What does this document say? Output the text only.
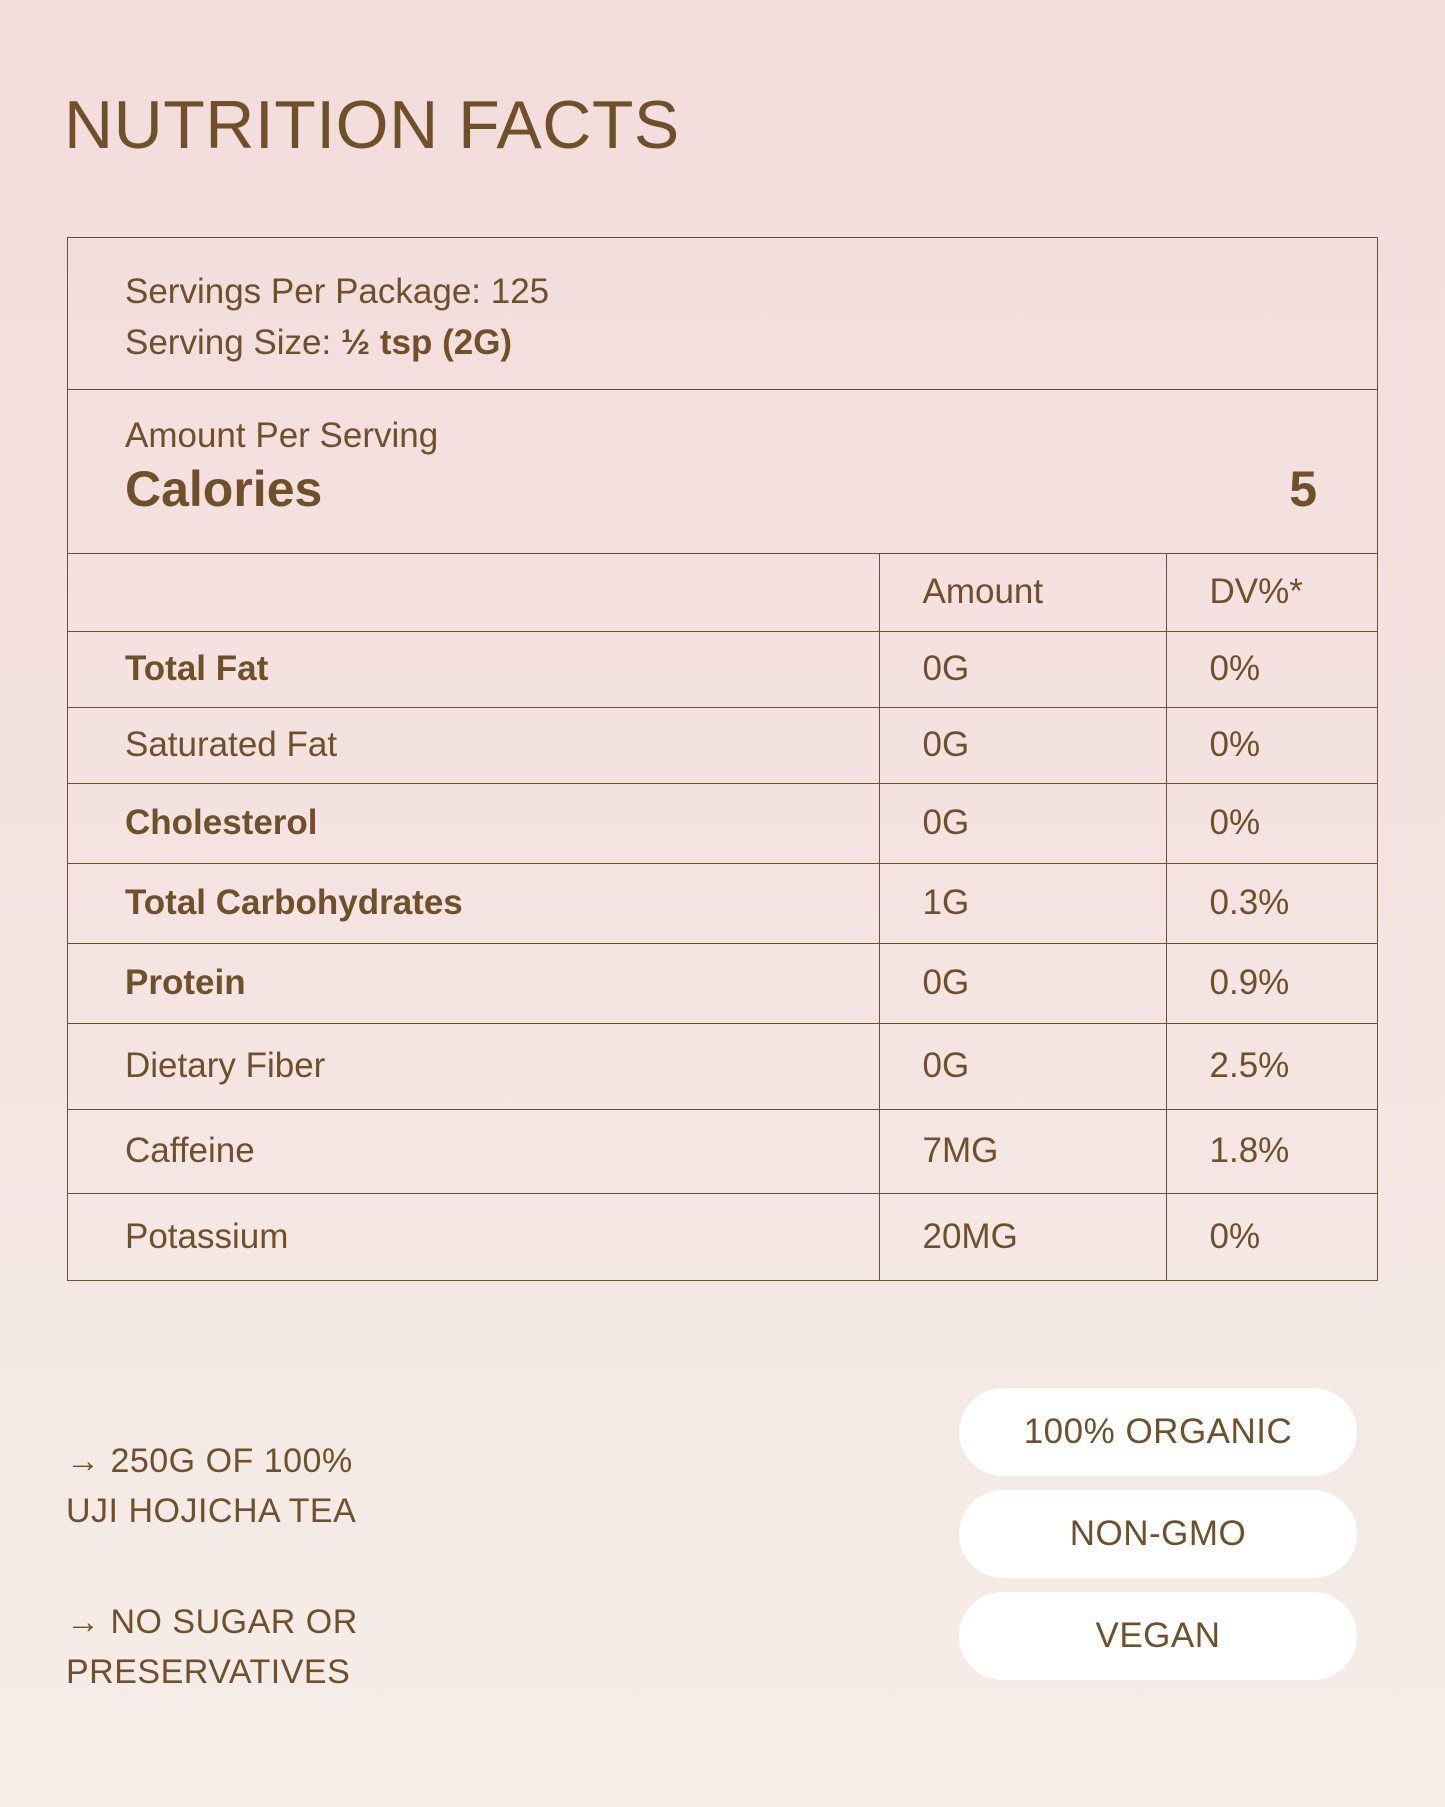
NUTRITION FACTS
Servings Per Package: 125
Serving Size: ½ tsp (2G)
Amount Per Serving
Calories	5
	Amount	DV%*
Total Fat	0G	0%
Saturated Fat	0G	0%
Cholesterol	0G	0%
Total Carbohydrates	1G	0.3%
Protein	0G	0.9%
Dietary Fiber	0G	2.5%
Caffeine	7MG	1.8%
Potassium	20MG	0%
→ 250G OF 100%
UJI HOJICHA TEA
→ NO SUGAR OR
PRESERVATIVES
100% ORGANIC
NON-GMO
VEGAN
